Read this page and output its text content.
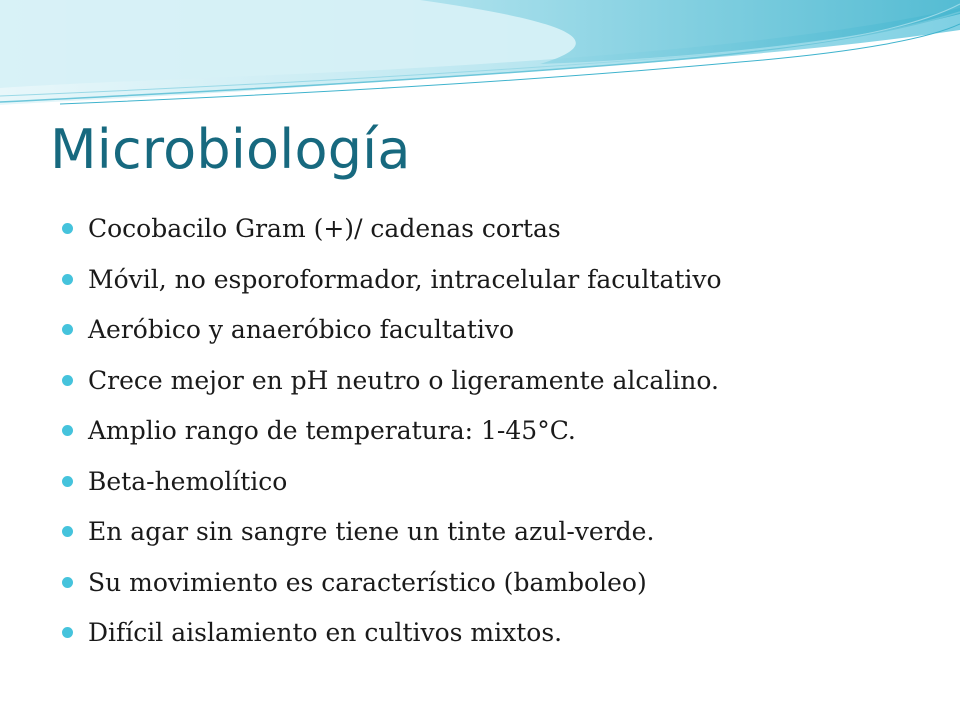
Microbiología
Cocobacilo Gram (+)/ cadenas cortas
Móvil, no esporoformador, intracelular facultativo
Aeróbico y anaeróbico facultativo
Crece mejor en pH neutro o ligeramente alcalino.
Amplio rango de temperatura: 1-45°C.
Beta-hemolítico
En agar sin sangre tiene un tinte azul-verde.
Su movimiento es característico (bamboleo)
Difícil aislamiento en cultivos mixtos.
